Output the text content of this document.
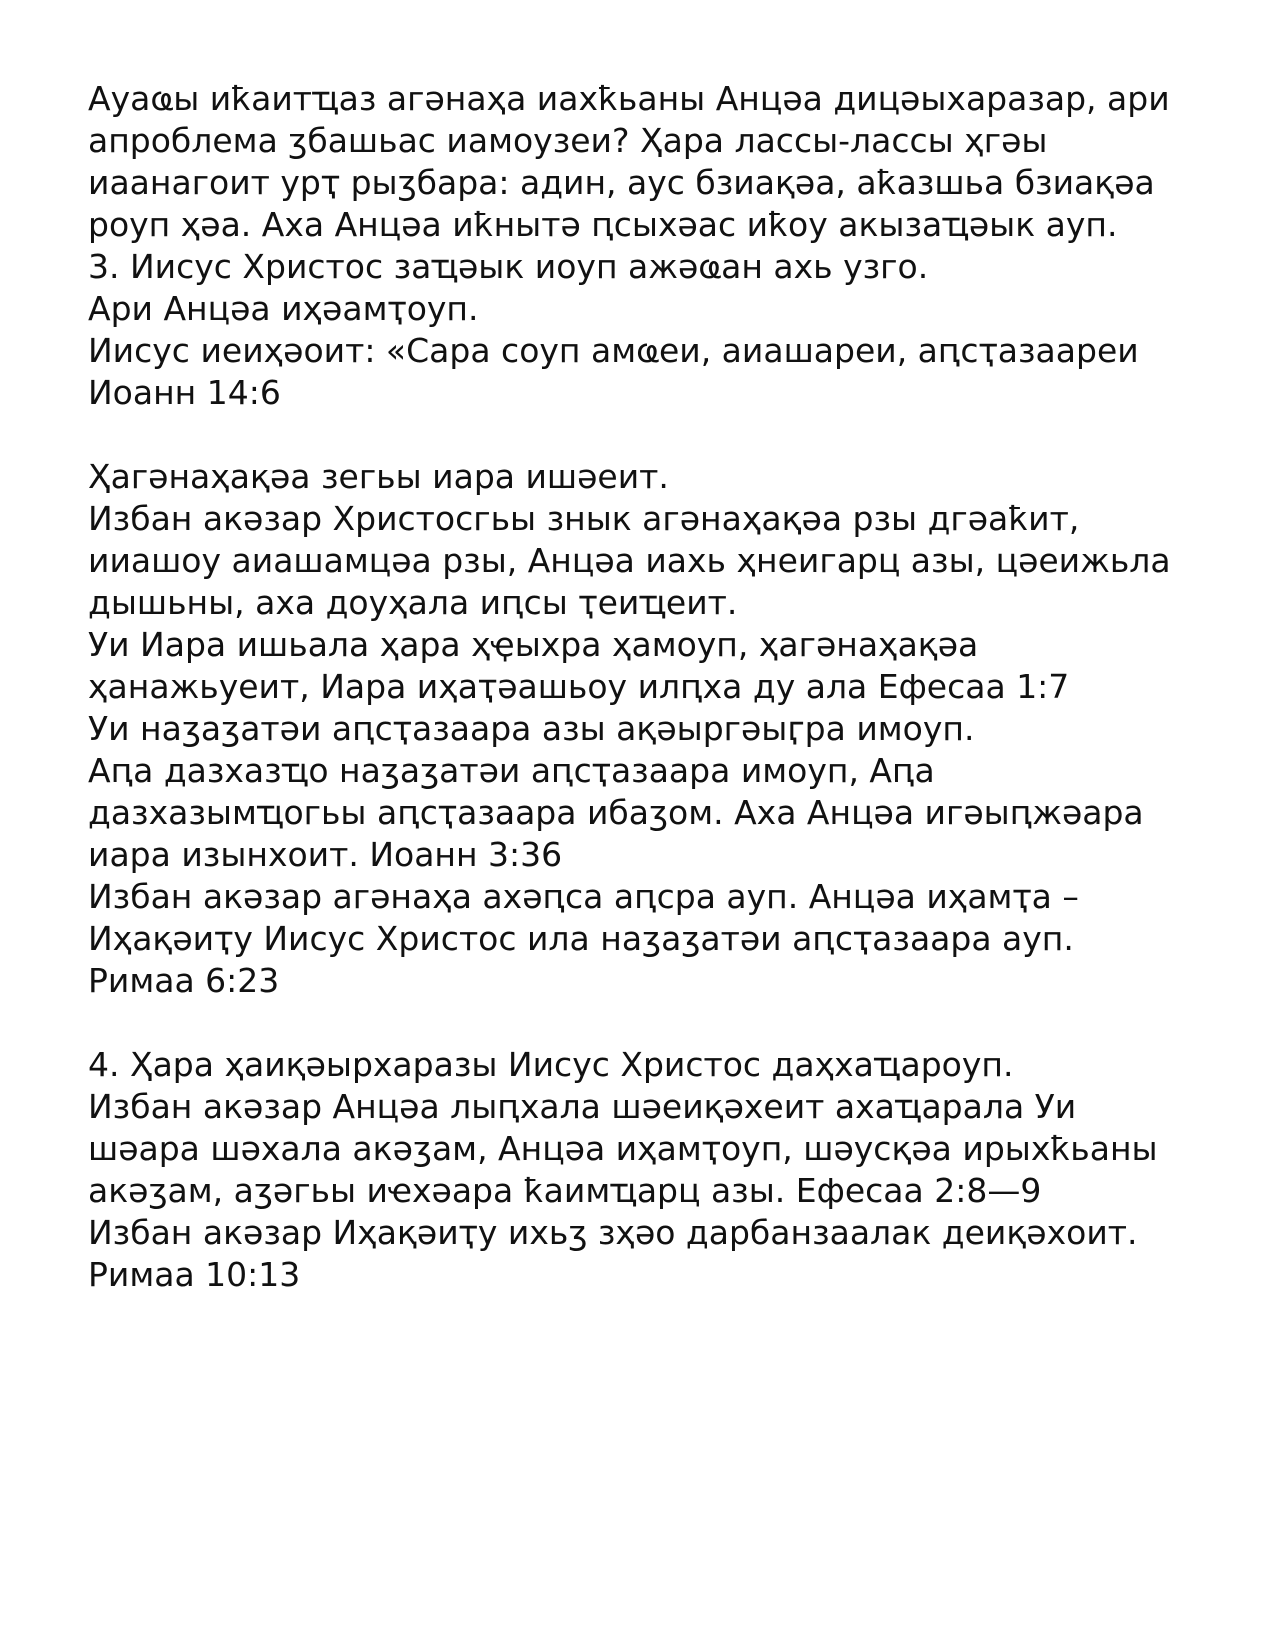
Ауаҩы иҟаитҵаз агәнаҳа иахҟьаны Анцәа дицәыхаразар, ари

апроблема ӡбашьас иамоузеи? Ҳара лассы-лассы ҳгәы

иаанагоит урҭ рыӡбара: адин, аус бзиақәа, аҟазшьа бзиақәа

роуп ҳәа. Аха Анцәа иҟнытә ԥсыхәас иҟоу акызаҵәык ауп.

3. Иисус Христос заҵәык иоуп ажәҩан ахь узго.

Ари Анцәа иҳәамҭоуп.

Иисус иеиҳәоит: «Сара соуп амҩеи, аиашареи, аԥсҭазаареи

Иоанн 14:6

Ҳагәнаҳақәа зегьы иара ишәеит.

Избан акәзар Христосгьы знык агәнаҳақәа рзы дгәаҟит,

ииашоу аиашамцәа рзы, Анцәа иахь ҳнеигарц азы, цәеижьла

дышьны, аха доуҳала иԥсы ҭеиҵеит.

Уи Иара ишьала ҳара ҳҿыхра ҳамоуп, ҳагәнаҳақәа

ҳанажьуеит, Иара иҳаҭәашьоу илԥха ду ала Ефесаа 1:7

Уи наӡаӡатәи аԥсҭазаара азы ақәыргәыӷра имоуп.

Аԥа дазхазҵо наӡаӡатәи аԥсҭазаара имоуп, Аԥа

дазхазымҵогьы аԥсҭазаара ибаӡом. Аха Анцәа игәыԥжәара

иара изынхоит. Иоанн 3:36

Избан акәзар агәнаҳа ахәԥса аԥсра ауп. Анцәа иҳамҭа –

Иҳақәиҭу Иисус Христос ила наӡаӡатәи аԥсҭазаара ауп.

Римаа 6:23

4. Ҳара ҳаиқәырхаразы Иисус Христос даҳхаҵароуп.

Избан акәзар Анцәа лыԥхала шәеиқәхеит ахаҵарала Уи

шәара шәхала акәӡам, Анцәа иҳамҭоуп, шәусқәа ирыхҟьаны

акәӡам, аӡәгьы иҽхәара ҟаимҵарц азы. Ефесаа 2:8—9

Избан акәзар Иҳақәиҭу ихьӡ зҳәо дарбанзаалак деиқәхоит.

Римаа 10:13
